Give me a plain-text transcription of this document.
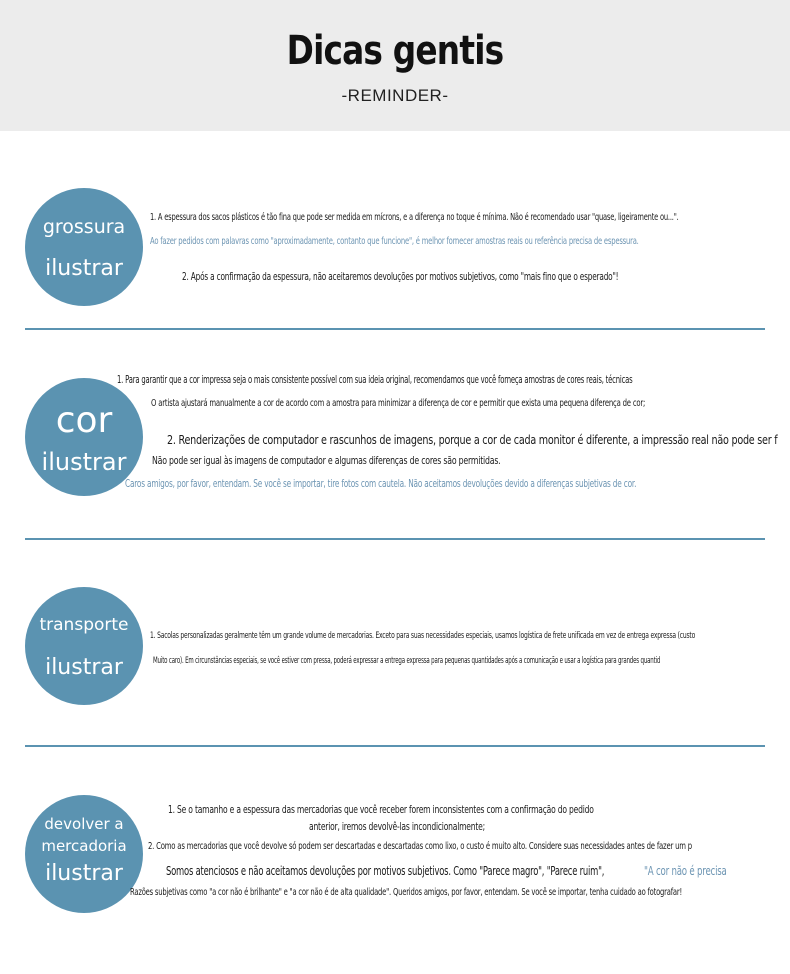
Dicas gentis
-REMINDER-
grossura
ilustrar
1. A espessura dos sacos plásticos é tão fina que pode ser medida em mícrons, e a diferença no toque é mínima. Não é recomendado usar "quase, ligeiramente ou...".
Ao fazer pedidos com palavras como "aproximadamente, contanto que funcione", é melhor fornecer amostras reais ou referência precisa de espessura.
2. Após a confirmação da espessura, não aceitaremos devoluções por motivos subjetivos, como "mais fino que o esperado"!
cor
ilustrar
1. Para garantir que a cor impressa seja o mais consistente possível com sua ideia original, recomendamos que você forneça amostras de cores reais, técnicas
O artista ajustará manualmente a cor de acordo com a amostra para minimizar a diferença de cor e permitir que exista uma pequena diferença de cor;
2. Renderizações de computador e rascunhos de imagens, porque a cor de cada monitor é diferente, a impressão real não pode ser f
Não pode ser igual às imagens de computador e algumas diferenças de cores são permitidas.
Caros amigos, por favor, entendam. Se você se importar, tire fotos com cautela. Não aceitamos devoluções devido a diferenças subjetivas de cor.
transporte
ilustrar
1. Sacolas personalizadas geralmente têm um grande volume de mercadorias. Exceto para suas necessidades especiais, usamos logística de frete unificada em vez de entrega expressa (custo
Muito caro). Em circunstâncias especiais, se você estiver com pressa, poderá expressar a entrega expressa para pequenas quantidades após a comunicação e usar a logística para grandes quantid
devolver a
mercadoria
ilustrar
1. Se o tamanho e a espessura das mercadorias que você receber forem inconsistentes com a confirmação do pedido
anterior, iremos devolvê-las incondicionalmente;
2. Como as mercadorias que você devolve só podem ser descartadas e descartadas como lixo, o custo é muito alto. Considere suas necessidades antes de fazer um p
Somos atenciosos e não aceitamos devoluções por motivos subjetivos. Como "Parece magro", "Parece ruim",	"A cor não é precisa
Razões subjetivas como "a cor não é brilhante" e "a cor não é de alta qualidade". Queridos amigos, por favor, entendam. Se você se importar, tenha cuidado ao fotografar!
